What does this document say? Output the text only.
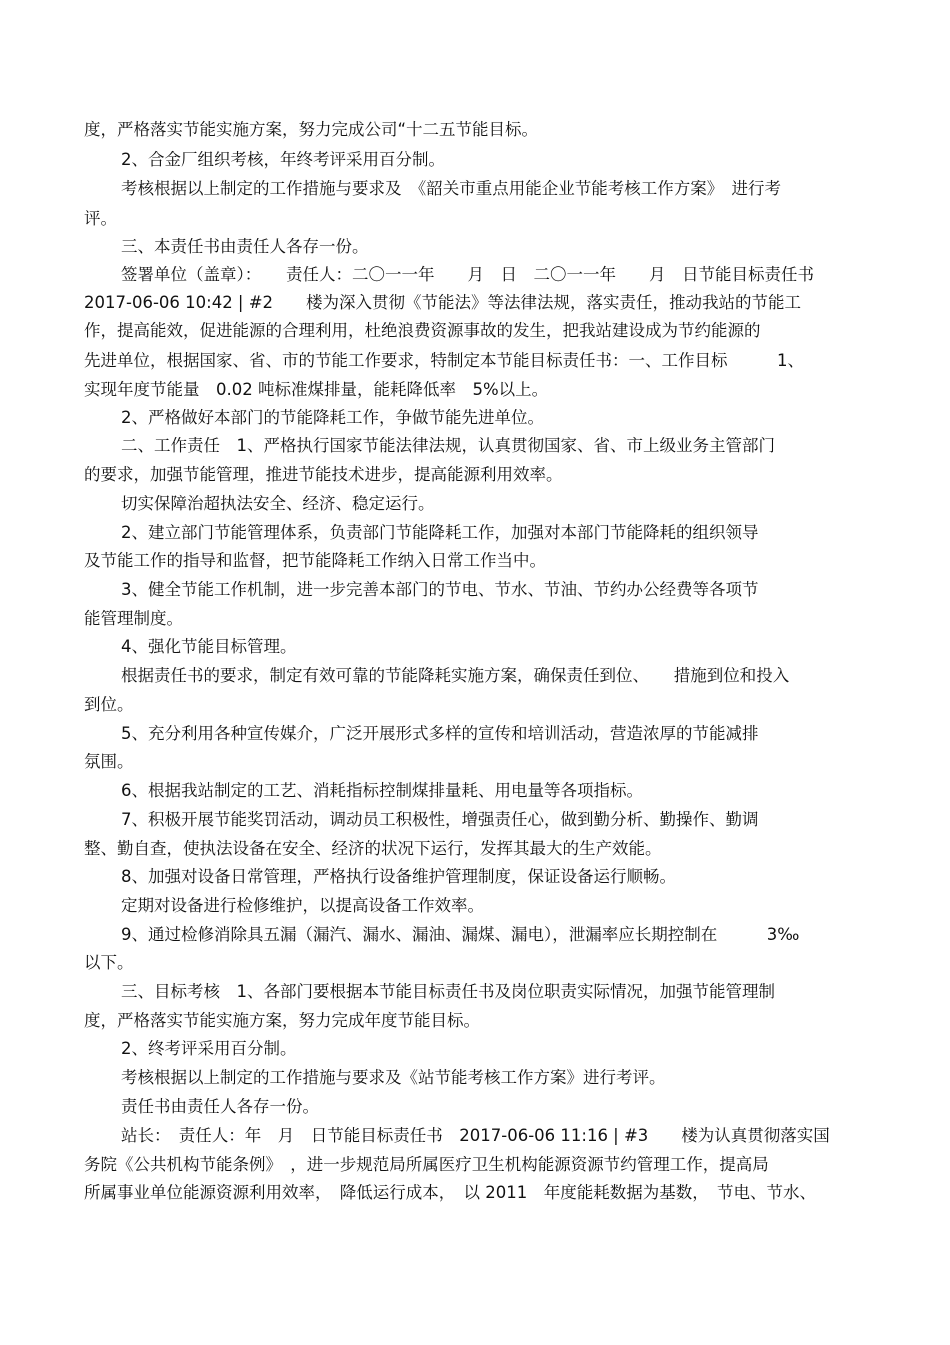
度，严格落实节能实施方案，努力完成公司“十二五节能目标。
2、合金厂组织考核，年终考评采用百分制。
考核根据以上制定的工作措施与要求及　《韶关市重点用能企业节能考核工作方案》　进行考
评。
三、本责任书由责任人各存一份。
签署单位（盖章）：　　责任人：二〇一一年　　月　日　二〇一一年　　月　日节能目标责任书
2017-06-06 10:42 | #2　　楼为深入贯彻《节能法》等法律法规，落实责任，推动我站的节能工
作，提高能效，促进能源的合理利用，杜绝浪费资源事故的发生，把我站建设成为节约能源的
先进单位，根据国家、省、市的节能工作要求，特制定本节能目标责任书：一、工作目标　　　1、
实现年度节能量　0.02 吨标准煤排量，能耗降低率　5%以上。
2、严格做好本部门的节能降耗工作，争做节能先进单位。
二、工作责任　1、严格执行国家节能法律法规，认真贯彻国家、省、市上级业务主管部门
的要求，加强节能管理，推进节能技术进步，提高能源利用效率。
切实保障治超执法安全、经济、稳定运行。
2、建立部门节能管理体系，负责部门节能降耗工作，加强对本部门节能降耗的组织领导
及节能工作的指导和监督，把节能降耗工作纳入日常工作当中。
3、健全节能工作机制，进一步完善本部门的节电、节水、节油、节约办公经费等各项节
能管理制度。
4、强化节能目标管理。
根据责任书的要求，制定有效可靠的节能降耗实施方案，确保责任到位、　　措施到位和投入
到位。
5、充分利用各种宣传媒介，广泛开展形式多样的宣传和培训活动，营造浓厚的节能减排
氛围。
6、根据我站制定的工艺、消耗指标控制煤排量耗、用电量等各项指标。
7、积极开展节能奖罚活动，调动员工积极性，增强责任心，做到勤分析、勤操作、勤调
整、勤自查，使执法设备在安全、经济的状况下运行，发挥其最大的生产效能。
8、加强对设备日常管理，严格执行设备维护管理制度，保证设备运行顺畅。
定期对设备进行检修维护，以提高设备工作效率。
9、通过检修消除具五漏（漏汽、漏水、漏油、漏煤、漏电），泄漏率应长期控制在　　　3‰
以下。
三、目标考核　1、各部门要根据本节能目标责任书及岗位职责实际情况，加强节能管理制
度，严格落实节能实施方案，努力完成年度节能目标。
2、终考评采用百分制。
考核根据以上制定的工作措施与要求及《站节能考核工作方案》进行考评。
责任书由责任人各存一份。
站长：　责任人：年　月　日节能目标责任书　2017-06-06 11:16 | #3　　楼为认真贯彻落实国
务院《公共机构节能条例》　，进一步规范局所属医疗卫生机构能源资源节约管理工作，提高局
所属事业单位能源资源利用效率，　降低运行成本，　以 2011　年度能耗数据为基数，　节电、节水、
